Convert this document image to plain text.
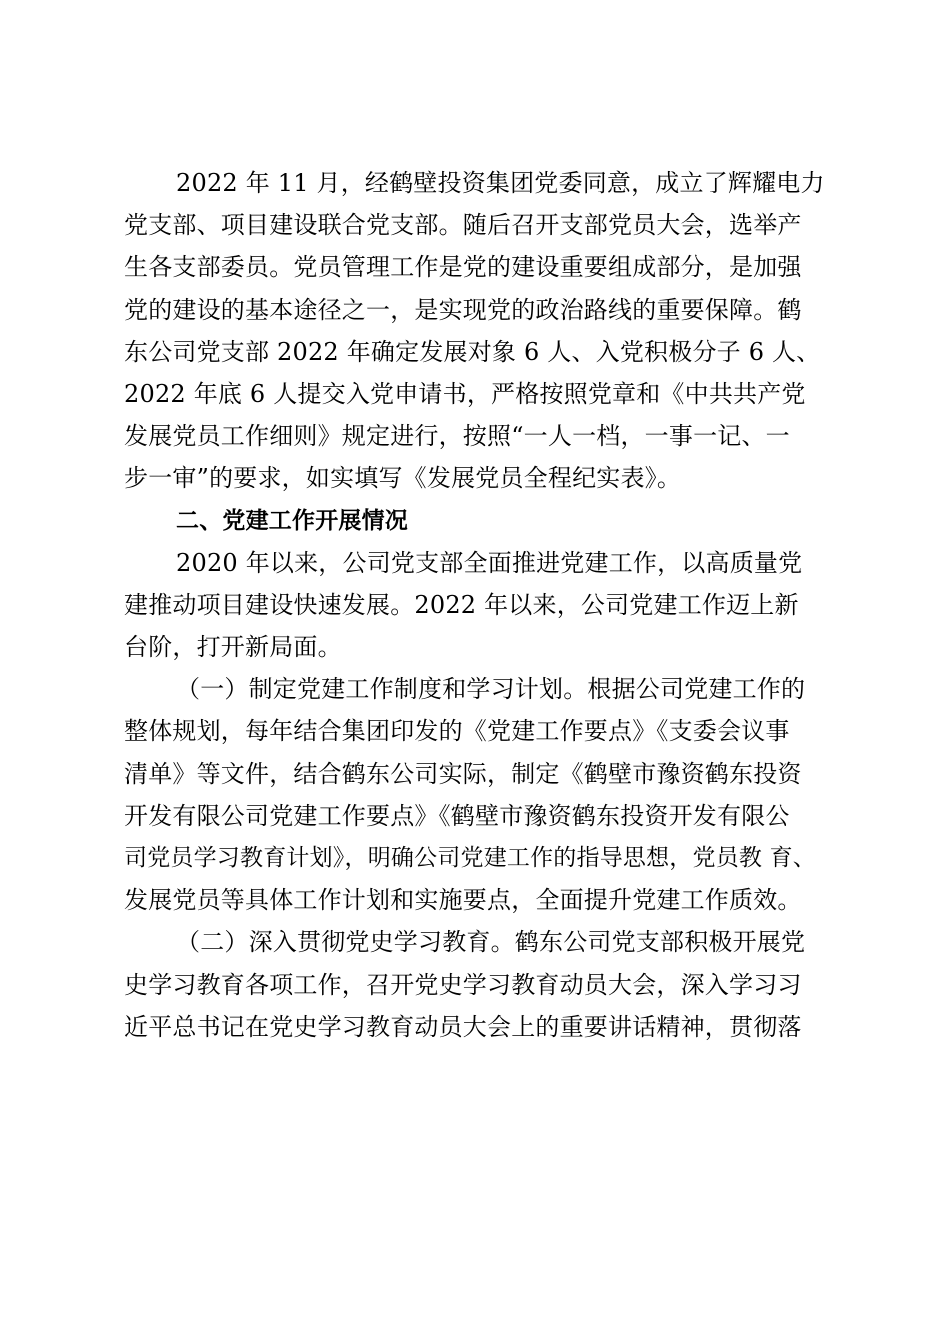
2022 年 11 月，经鹤壁投资集团党委同意，成立了辉耀电力
党支部、项目建设联合党支部。随后召开支部党员大会，选举产
生各支部委员。党员管理工作是党的建设重要组成部分，是加强
党的建设的基本途径之一，是实现党的政治路线的重要保障。鹤
东公司党支部 2022 年确定发展对象 6 人、入党积极分子 6 人、
2022 年底 6 人提交入党申请书，严格按照党章和《中共共产党
发展党员工作细则》规定进行，按照“一人一档，一事一记、一
步一审”的要求，如实填写《发展党员全程纪实表》。
二、党建工作开展情况
2020 年以来，公司党支部全面推进党建工作，以高质量党
建推动项目建设快速发展。2022 年以来，公司党建工作迈上新
台阶，打开新局面。
（一）制定党建工作制度和学习计划。根据公司党建工作的
整体规划，每年结合集团印发的《党建工作要点》《支委会议事
清单》等文件，结合鹤东公司实际，制定《鹤壁市豫资鹤东投资
开发有限公司党建工作要点》《鹤壁市豫资鹤东投资开发有限公
司党员学习教育计划》，明确公司党建工作的指导思想，党员教 育、
发展党员等具体工作计划和实施要点，全面提升党建工作质效。
（二）深入贯彻党史学习教育。鹤东公司党支部积极开展党
史学习教育各项工作，召开党史学习教育动员大会，深入学习习
近平总书记在党史学习教育动员大会上的重要讲话精神，贯彻落
